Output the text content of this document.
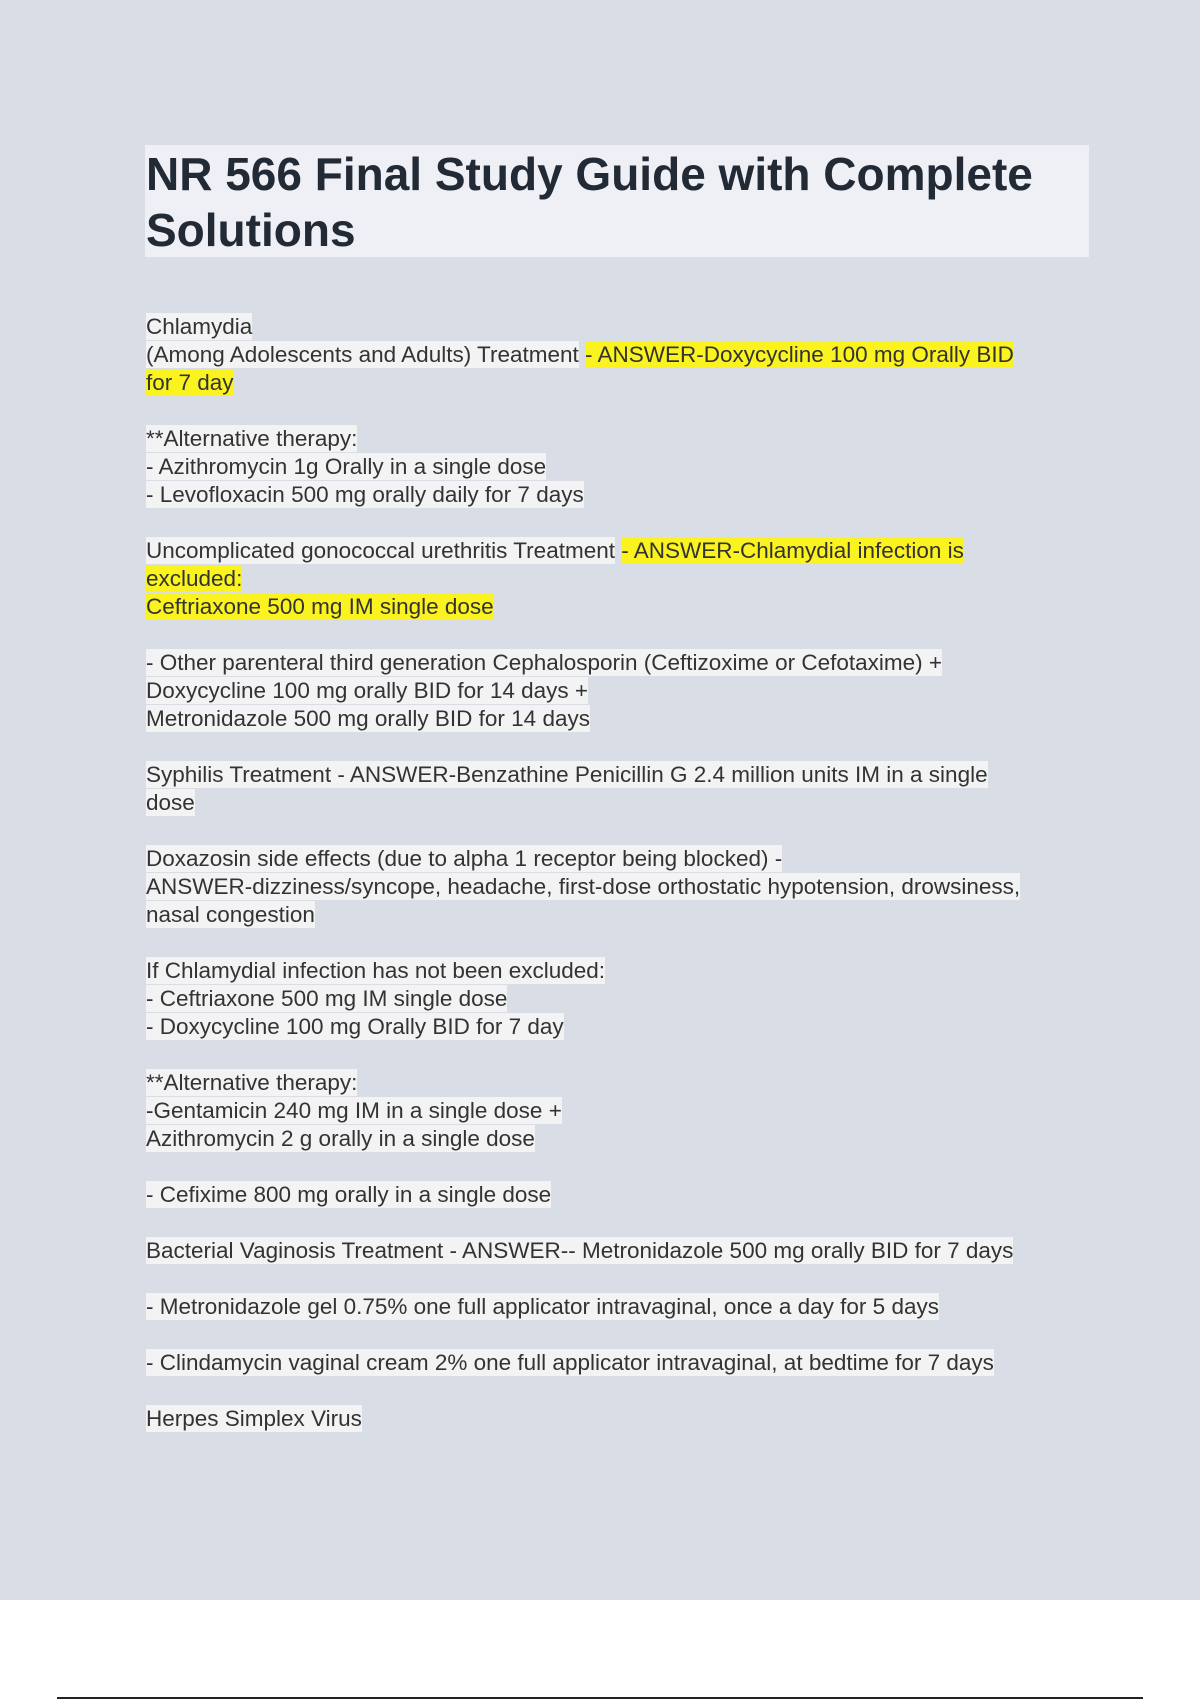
NR 566 Final Study Guide with Complete
Solutions

Chlamydia
(Among Adolescents and Adults) Treatment - ANSWER-Doxycycline 100 mg Orally BID
for 7 day

**Alternative therapy:
- Azithromycin 1g Orally in a single dose
- Levofloxacin 500 mg orally daily for 7 days

Uncomplicated gonococcal urethritis Treatment - ANSWER-Chlamydial infection is
excluded:
Ceftriaxone 500 mg IM single dose

- Other parenteral third generation Cephalosporin (Ceftizoxime or Cefotaxime) +
Doxycycline 100 mg orally BID for 14 days +
Metronidazole 500 mg orally BID for 14 days

Syphilis Treatment - ANSWER-Benzathine Penicillin G 2.4 million units IM in a single
dose

Doxazosin side effects (due to alpha 1 receptor being blocked) -
ANSWER-dizziness/syncope, headache, first-dose orthostatic hypotension, drowsiness,
nasal congestion

If Chlamydial infection has not been excluded:
- Ceftriaxone 500 mg IM single dose
- Doxycycline 100 mg Orally BID for 7 day

**Alternative therapy:
-Gentamicin 240 mg IM in a single dose +
Azithromycin 2 g orally in a single dose

- Cefixime 800 mg orally in a single dose

Bacterial Vaginosis Treatment - ANSWER-- Metronidazole 500 mg orally BID for 7 days

- Metronidazole gel 0.75% one full applicator intravaginal, once a day for 5 days

- Clindamycin vaginal cream 2% one full applicator intravaginal, at bedtime for 7 days

Herpes Simplex Virus
